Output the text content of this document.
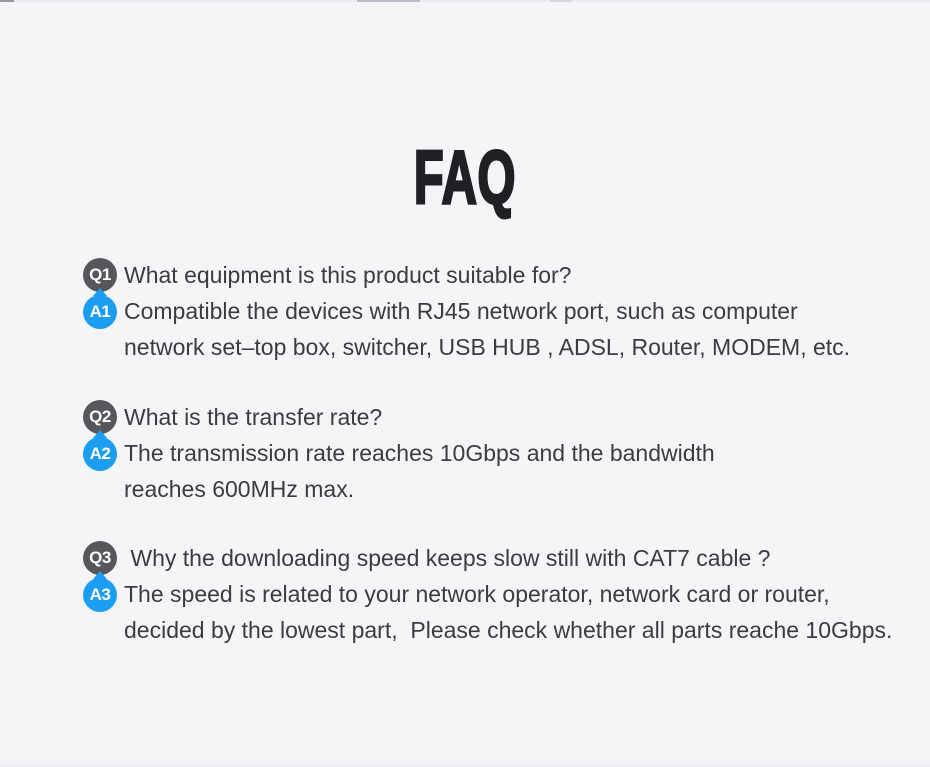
FAQ
Q1 What equipment is this product suitable for?
A1 Compatible the devices with RJ45 network port, such as computer
network set–top box, switcher, USB HUB , ADSL, Router, MODEM, etc.
Q2 What is the transfer rate?
A2 The transmission rate reaches 10Gbps and the bandwidth
reaches 600MHz max.
Q3 Why the downloading speed keeps slow still with CAT7 cable ?
A3 The speed is related to your network operator, network card or router,
decided by the lowest part,  Please check whether all parts reache 10Gbps.
